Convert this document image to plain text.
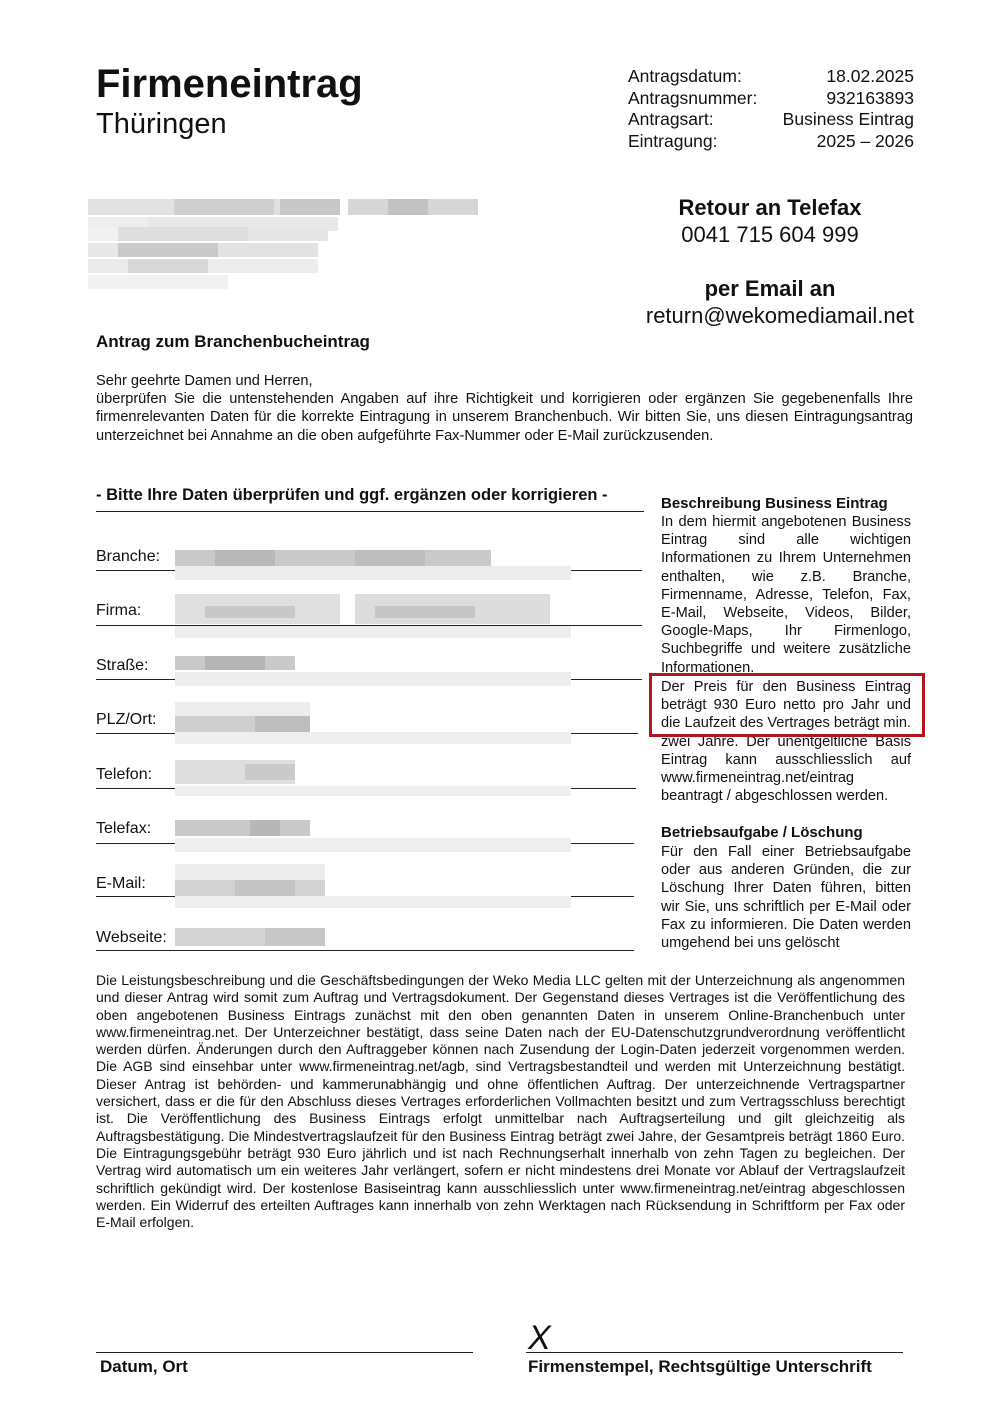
Firmeneintrag
Thüringen
Antragsdatum:	18.02.2025
Antragsnummer:	932163893
Antragsart:	Business Eintrag
Eintragung:	2025 – 2026
Retour an Telefax
0041 715 604 999
per Email an
return@wekomediamail.net
Antrag zum Branchenbucheintrag
Sehr geehrte Damen und Herren,
überprüfen Sie die untenstehenden Angaben auf ihre Richtigkeit und korrigieren oder ergänzen Sie gegebenenfalls Ihre firmenrelevanten Daten für die korrekte Eintragung in unserem Branchenbuch. Wir bitten Sie, uns diesen Eintragungsantrag unterzeichnet bei Annahme an die oben aufgeführte Fax-Nummer oder E-Mail zurückzusenden.
- Bitte Ihre Daten überprüfen und ggf. ergänzen oder korrigieren -
Branche:
Firma:
Straße:
PLZ/Ort:
Telefon:
Telefax:
E-Mail:
Webseite:
Beschreibung Business Eintrag
In dem hiermit angebotenen Business Eintrag sind alle wichtigen Informationen zu Ihrem Unternehmen enthalten, wie z.B. Branche, Firmenname, Adresse, Telefon, Fax, E-Mail, Webseite, Videos, Bilder, Google-Maps, Ihr Firmenlogo, Suchbegriffe und weitere zusätzliche Informationen.
Der Preis für den Business Eintrag beträgt 930 Euro netto pro Jahr und die Laufzeit des Vertrages beträgt min. zwei Jahre. Der unentgeltliche Basis Eintrag kann ausschliesslich auf www.firmeneintrag.net/eintrag beantragt / abgeschlossen werden.
Betriebsaufgabe / Löschung
Für den Fall einer Betriebsaufgabe oder aus anderen Gründen, die zur Löschung Ihrer Daten führen, bitten wir Sie, uns schriftlich per E-Mail oder Fax zu informieren. Die Daten werden umgehend bei uns gelöscht
Die Leistungsbeschreibung und die Geschäftsbedingungen der Weko Media LLC gelten mit der Unterzeichnung als angenommen und dieser Antrag wird somit zum Auftrag und Vertragsdokument. Der Gegenstand dieses Vertrages ist die Veröffentlichung des oben angebotenen Business Eintrags zunächst mit den oben genannten Daten in unserem Online-Branchenbuch unter www.firmeneintrag.net. Der Unterzeichner bestätigt, dass seine Daten nach der EU-Datenschutzgrundverordnung veröffentlicht werden dürfen. Änderungen durch den Auftraggeber können nach Zusendung der Login-Daten jederzeit vorgenommen werden. Die AGB sind einsehbar unter www.firmeneintrag.net/agb, sind Vertragsbestandteil und werden mit Unterzeichnung bestätigt. Dieser Antrag ist behörden- und kammerunabhängig und ohne öffentlichen Auftrag. Der unterzeichnende Vertragspartner versichert, dass er die für den Abschluss dieses Vertrages erforderlichen Vollmachten besitzt und zum Vertragsschluss berechtigt ist. Die Veröffentlichung des Business Eintrags erfolgt unmittelbar nach Auftragserteilung und gilt gleichzeitig als Auftragsbestätigung. Die Mindestvertragslaufzeit für den Business Eintrag beträgt zwei Jahre, der Gesamtpreis beträgt 1860 Euro. Die Eintragungsgebühr beträgt 930 Euro jährlich und ist nach Rechnungserhalt innerhalb von zehn Tagen zu begleichen. Der Vertrag wird automatisch um ein weiteres Jahr verlängert, sofern er nicht mindestens drei Monate vor Ablauf der Vertragslaufzeit schriftlich gekündigt wird. Der kostenlose Basiseintrag kann ausschliesslich unter www.firmeneintrag.net/eintrag abgeschlossen werden. Ein Widerruf des erteilten Auftrages kann innerhalb von zehn Werktagen nach Rücksendung in Schriftform per Fax oder E-Mail erfolgen.
X
Datum, Ort	Firmenstempel, Rechtsgültige Unterschrift
